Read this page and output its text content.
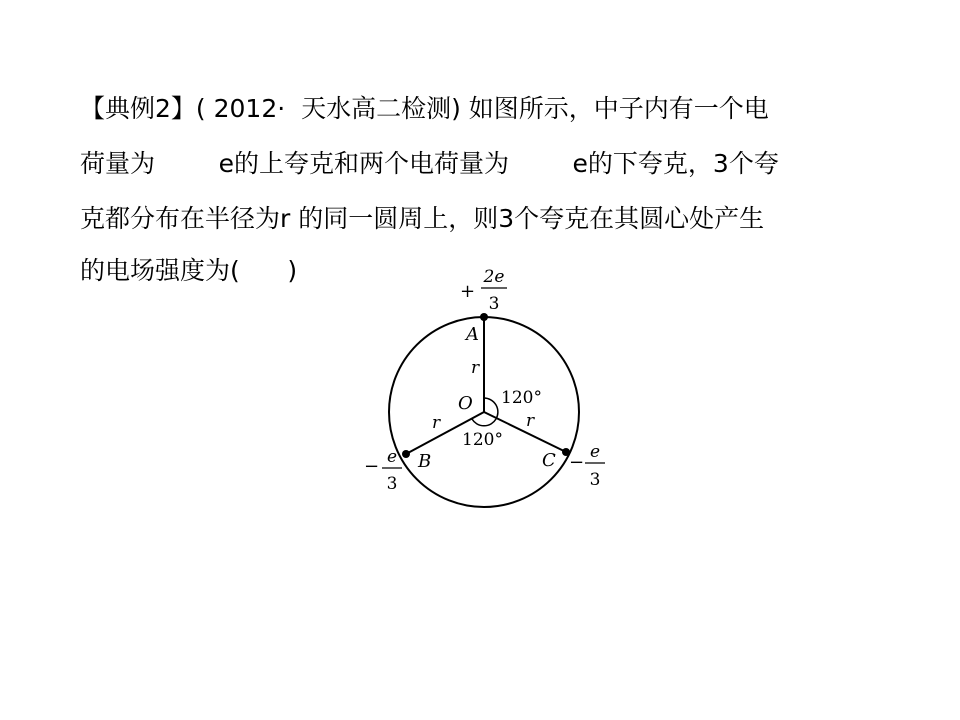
【典例2】( 2012·  天水高二检测) 如图所示，中子内有一个电
荷量为        e的上夸克和两个电荷量为        e的下夸克，3个夸
克都分布在半径为r 的同一圆周上，则3个夸克在其圆心处产生
的电场强度为(      )
A
B	C
O
r
r	r
120°
120°
+
2e
3
− e
3
− e
3
